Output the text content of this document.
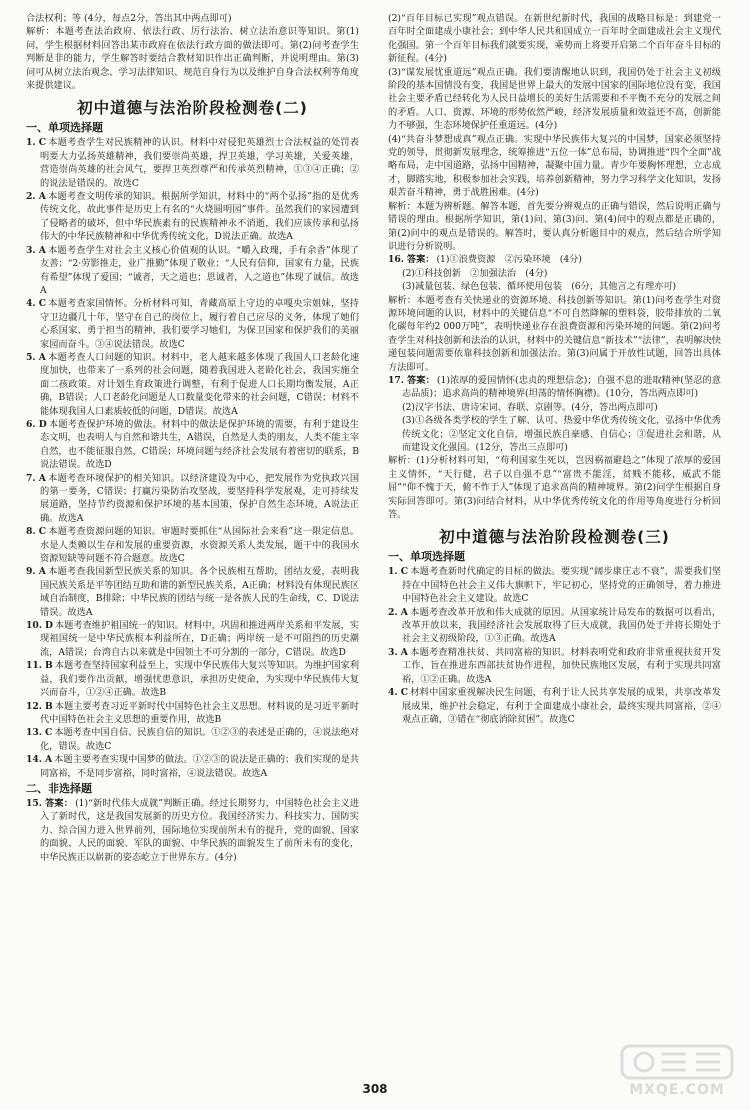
合法权利；等 (4分，每点2分，答出其中两点即可)

解析：本题考查法治政府、依法行政、厉行法治、树立法治意识等知识。第(1)问，学生根据材料回答出某市政府在依法行政方面的做法即可。第(2)问考查学生判断是非的能力，学生解答时要结合教材知识作出正确判断，并说明理由。第(3)问可从树立法治观念、学习法律知识、规范自身行为以及维护自身合法权利等角度来提供建议。

初中道德与法治阶段检测卷(二)
一、单项选择题

1. C 本题考查学生对民族精神的认识。材料中对侵犯英雄烈士合法权益的处罚表明要大力弘扬英雄精神，我们要崇尚英雄，捍卫英雄，学习英雄，关爱英雄，营造崇尚英雄的社会风气，要捍卫英烈尊严和传承英烈精神，①③④正确；②的说法是错误的。故选C

2. A 本题考查文明传承的知识。根据所学知识，材料中的“两个弘扬”指的是优秀传统文化，故此事件是历史上有名的“火烧圆明园”事件。虽然我们的家园遭到了侵略者的破坏，但中华民族素有的民族精神永不消逝，我们应该传承和弘扬伟大的中华民族精神和中华优秀传统文化，D说法正确。故选A

3. A 本题考查学生对社会主义核心价值观的认识。“嚼入政瑰，手有余香”体现了友善；“2·劳影推走，业广推勤”体现了敬业；“人民有信仰，国家有力量，民族有希望”体现了爱国；“诚者，天之道也；思诚者，人之道也”体现了诚信。故选A

4. C 本题考查家国情怀。分析材料可知，青藏高原上守边的卓嘎央宗姐妹，坚持守卫边疆几十年，坚守在自己的岗位上，履行着自己应尽的义务，体现了她们心系国家、勇于担当的精神，我们要学习她们，为保卫国家和保护我们的美丽家园而奋斗。③④说法错误。故选C

5. A 本题考查人口问题的知识。材料中，老人越来越多体现了我国人口老龄化速度加快，也带来了一系列的社会问题，随着我国进入老龄化社会，我国实施全面二孩政策。对计划生育政策进行调整，有利于促进人口长期均衡发展，A正确，B错误；人口老龄化问题是人口数量变化带来的社会问题，C错误；材料不能体现我国人口素质较低的问题，D错误。故选A

6. D 本题考查保护环境的做法。材料中的做法是保护环境的需要，有利于建设生态文明，也表明人与自然和谐共生，A错误，自然是人类的朋友，人类不能主宰自然，也不能征服自然，C错误；环境问题与经济社会发展有着密切的联系，B说法错误。故选D

7. A 本题考查环境保护的相关知识。以经济建设为中心，把发展作为党执政兴国的第一要务，C错误；打赢污染防治攻坚战，要坚持科学发展观，走可持续发展道路，坚持节约资源和保护环境的基本国策，保护自然生态环境，A说法正确。故选A

8. C 本题考查资源问题的知识。审题时要抓住“从国际社会来看”这一限定信息。水是人类赖以生存和发展的重要资源，水资源关系人类发展，题干中的我国水资源短缺等问题不符合题意。故选C

9. A 本题考查我国新型民族关系的知识。各个民族相互帮助，团结友爱，表明我国民族关系是平等团结互助和谐的新型民族关系，A正确；材料没有体现民族区域自治制度，B排除；中华民族的团结与统一是各族人民的生命线，C、D说法错误。故选A

10. D 本题考查维护祖国统一的知识。材料中，巩固和推进两岸关系和平发展，实现祖国统一是中华民族根本利益所在，D正确；两岸统一是不可阻挡的历史潮流，A错误；台湾自古以来就是中国领土不可分割的一部分，C错误。故选D

11. B 本题考查坚持国家利益至上，实现中华民族伟大复兴等知识。为维护国家利益，我们要作出贡献，增强忧患意识，承担历史使命，为实现中华民族伟大复兴而奋斗，①②④正确。故选B

12. B 本题主要考查习近平新时代中国特色社会主义思想。材料说的是习近平新时代中国特色社会主义思想的重要作用，故选B

13. C 本题考查中国自信、民族自信的知识。①②③的表述是正确的，④说法绝对化，错误。故选C

14. A 本题主要考查实现中国梦的做法。①②③的说法是正确的；我们实现的是共同富裕，不是同步富裕，同时富裕，④说法错误。故选A

二、非选择题

15. 答案： (1)“新时代伟大成就”判断正确。经过长期努力，中国特色社会主义进入了新时代，这是我国发展新的历史方位。我国经济实力、科技实力、国防实力、综合国力进入世界前列，国际地位实现前所未有的提升，党的面貌、国家的面貌、人民的面貌、军队的面貌、中华民族的面貌发生了前所未有的变化，中华民族正以崭新的姿态屹立于世界东方。(4分)

(2)“百年目标已实现”观点错误。在新世纪新时代，我国的战略目标是：到建党一百年时全面建成小康社会；到中华人民共和国成立一百年时全面建成社会主义现代化强国。第一个百年目标我们就要实现，乘势而上将要开启第二个百年奋斗目标的新征程。(4分)

(3)“谋发展忧重道远”观点正确。我们要清醒地认识到，我国仍处于社会主义初级阶段的基本国情没有变，我国是世界上最大的发展中国家的国际地位没有变，我国社会主要矛盾已经转化为人民日益增长的美好生活需要和不平衡不充分的发展之间的矛盾。人口、资源、环境的形势依然严峻，经济发展质量和效益还不高，创新能力不够强，生态环境保护任重道远。(4分)

(4)“共奋斗梦想成真”观点正确。实现中华民族伟大复兴的中国梦，国家必须坚持党的领导，贯彻新发展理念，统筹推进“五位一体”总布局，协调推进“四个全面”战略布局，走中国道路，弘扬中国精神，凝聚中国力量。青少年要胸怀理想，立志成才，脚踏实地，积极参加社会实践，培养创新精神，努力学习科学文化知识，发扬艰苦奋斗精神，勇于战胜困难。(4分)

解析：本题为辨析题。解答本题，首先要分辨观点的正确与错误，然后说明正确与错误的理由。根据所学知识，第(1)问、第(3)问、第(4)问中的观点都是正确的，第(2)问中的观点是错误的。解答时，要认真分析题目中的观点，然后结合所学知识进行分析说明。

16. 答案： (1)①浪费资源　②污染环境　(4分)

(2)①科技创新　②加强法治　(4分)

(3)减量包装、绿色包装、循环使用包装　(6分，其他言之有理亦可)

解析：本题考查有关快递业的资源环境、科技创新等知识。第(1)问考查学生对资源环境问题的认识，材料中的关键信息“不可自然降解的塑料袋，胶带排放的二氧化碳每年约2 000万吨”，表明快递业存在浪费资源和污染环境的问题。第(2)问考查学生对科技创新和法治的认识，材料中的关键信息“新技术”“法律”，表明解决快递包装问题需要依靠科技创新和加强法治。第(3)问属于开放性试题，回答出具体方法即可。

17. 答案： (1)浓厚的爱国情怀(忠贞的理想信念)；自强不息的进取精神(坚忍的意志品质)；追求高尚的精神境界(坦荡的情怀胸襟)。(10分，答出两点即可)

(2)汉字书法、唐诗宋词、春联、京剧等。(4分，答出两点即可)

(3)①各级各类学校的学生了解、认可、热爱中华优秀传统文化，弘扬中华优秀传统文化；②坚定文化自信，增强民族自豪感、自信心；③促进社会和谐，从而建设文化强国。(12分，答出三点即可)

解析：(1)分析材料可知，“苟利国家生死以，岂因祸福避趋之”体现了浓厚的爱国主义情怀，“天行健，君子以自强不息”“富贵不能淫，贫贱不能移，威武不能屈”“仰不愧于天，俯不怍于人”体现了追求高尚的精神境界。第(2)问学生根据自身实际回答即可。第(3)问结合材料，从中华优秀传统文化的作用等角度进行分析回答。

初中道德与法治阶段检测卷(三)
一、单项选择题

1. C 本题考查新时代确定的目标的做法。要实现“阔步康庄志不衰”，需要我们坚持在中国特色社会主义伟大旗帜下，牢记初心，坚持党的正确领导，着力推进中国特色社会主义建设。故选C

2. A 本题考查改革开放和伟大成就的原因。从国家统计局发布的数据可以看出，改革开放以来，我国经济社会发展取得了巨大成就，我国仍处于并将长期处于社会主义初级阶段，①③正确。故选A

3. A 本题考查精准扶贫、共同富裕的知识。材料表明党和政府非常重视扶贫开发工作，旨在推进东西部扶贫协作进程，加快民族地区发展，有利于实现共同富裕，①②正确。故选A

4. C 材料中国家重视解决民生问题，有利于让人民共享发展的成果，共享改革发展成果，维护社会稳定，有利于全面建成小康社会，最终实现共同富裕，②④观点正确，③错在“彻底消除贫困”。故选C

308	MXQE.COM
